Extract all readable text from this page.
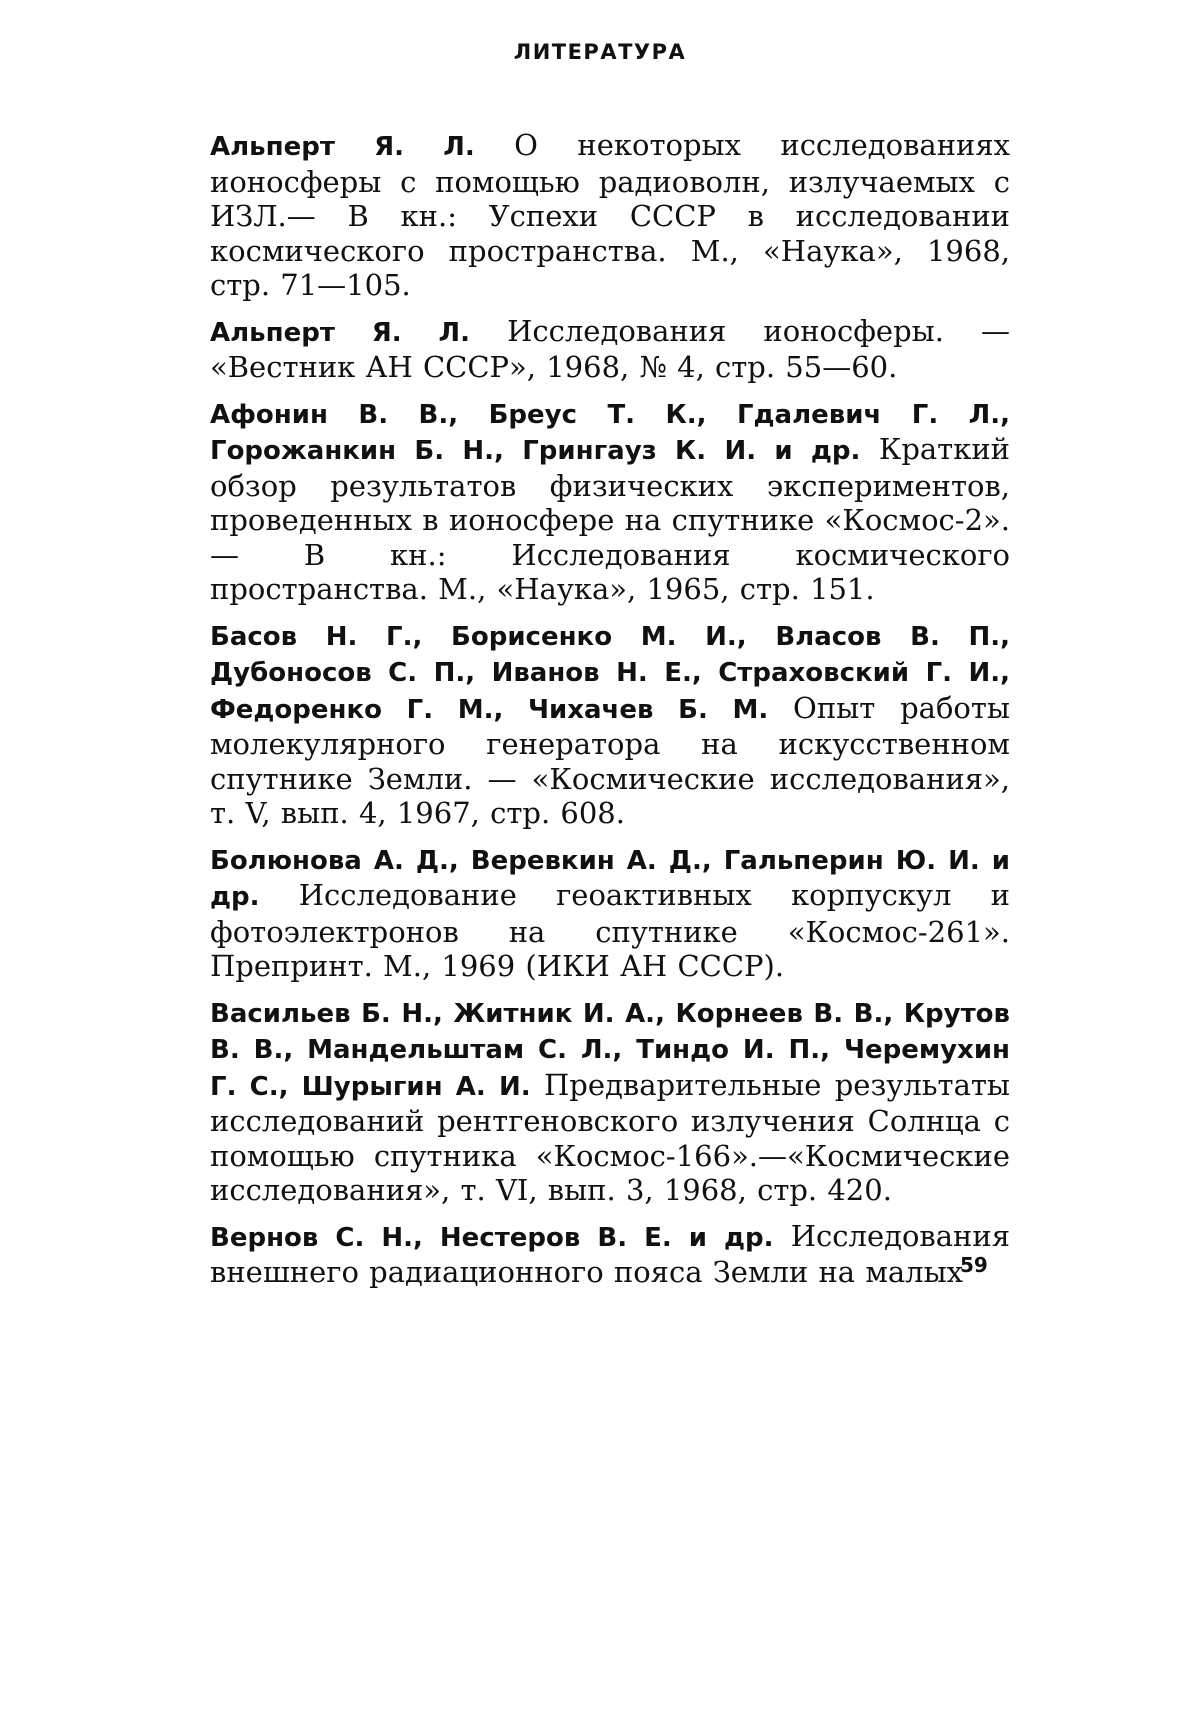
ЛИТЕРАТУРА

Альперт Я. Л. О некоторых исследованиях ионосферы с помощью радиоволн, излучаемых с ИЗЛ.— В кн.: Успехи СССР в исследовании космического пространства. М., «Наука», 1968, стр. 71—105.

Альперт Я. Л. Исследования ионосферы. — «Вестник АН СССР», 1968, № 4, стр. 55—60.

Афонин В. В., Бреус Т. К., Гдалевич Г. Л., Горожанкин Б. Н., Грингауз К. И. и др. Краткий обзор результатов физических экспериментов, проведенных в ионосфере на спутнике «Космос-2». — В кн.: Исследования космического пространства. М., «Наука», 1965, стр. 151.

Басов Н. Г., Борисенко М. И., Власов В. П., Дубоносов С. П., Иванов Н. Е., Страховский Г. И., Федоренко Г. М., Чихачев Б. М. Опыт работы молекулярного генератора на искусственном спутнике Земли. — «Космические исследования», т. V, вып. 4, 1967, стр. 608.

Болюнова А. Д., Веревкин А. Д., Гальперин Ю. И. и др. Исследование геоактивных корпускул и фотоэлектронов на спутнике «Космос-261». Препринт. М., 1969 (ИКИ АН СССР).

Васильев Б. Н., Житник И. А., Корнеев В. В., Крутов В. В., Мандельштам С. Л., Тиндо И. П., Черемухин Г. С., Шурыгин А. И. Предварительные результаты исследований рентгеновского излучения Солнца с помощью спутника «Космос-166».—«Космические исследования», т. VI, вып. 3, 1968, стр. 420.

Вернов С. Н., Нестеров В. Е. и др. Исследования внешнего радиационного пояса Земли на малых

59
